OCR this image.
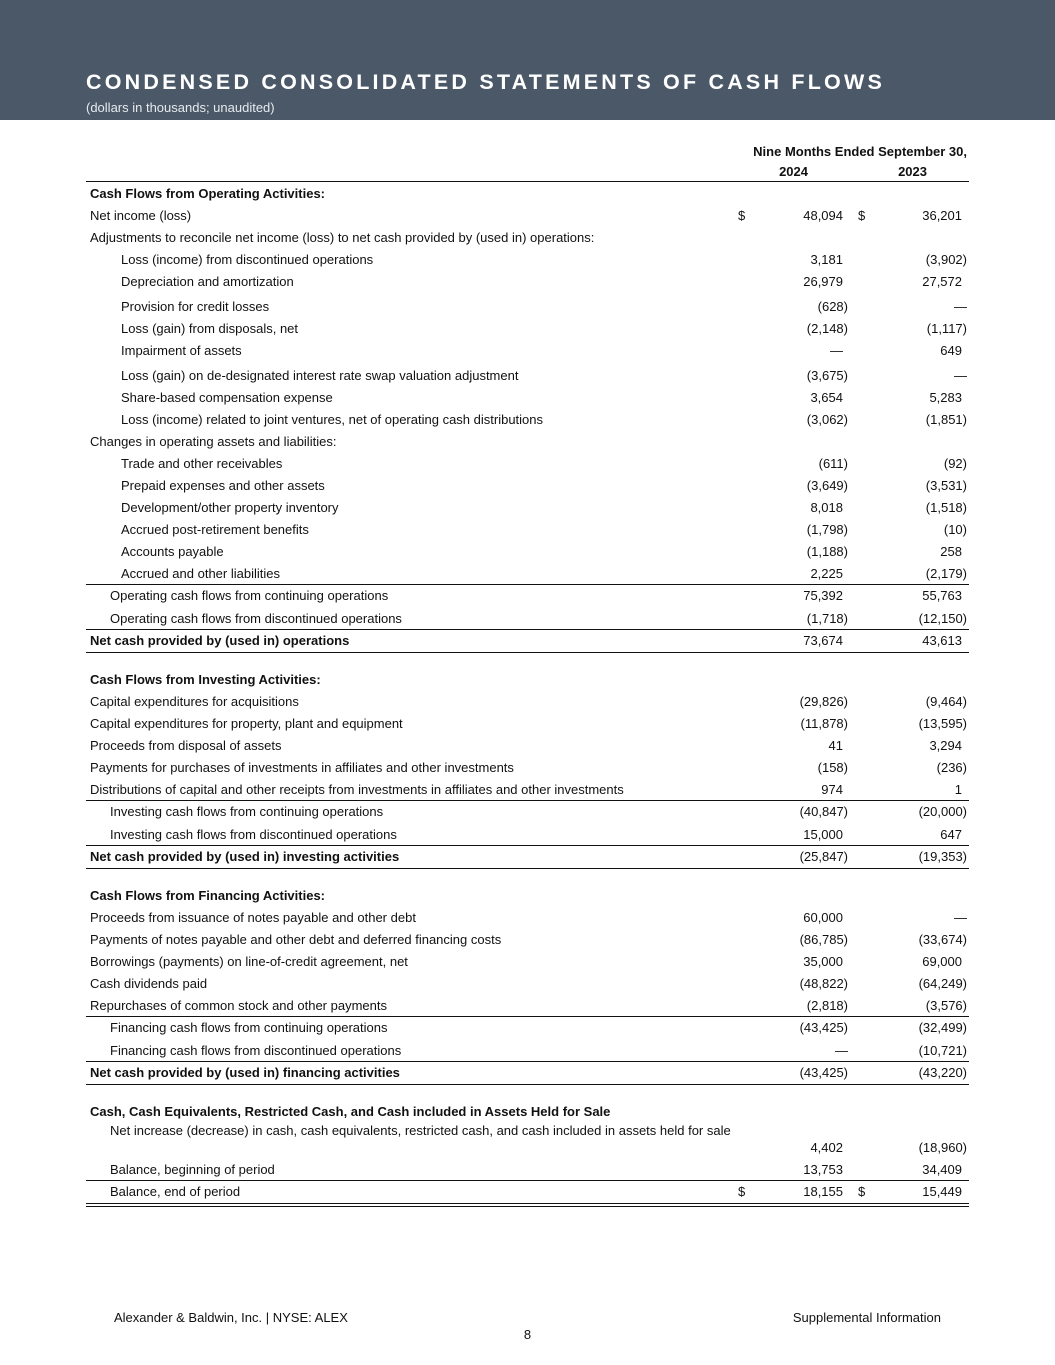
CONDENSED CONSOLIDATED STATEMENTS OF CASH FLOWS
(dollars in thousands; unaudited)
Nine Months Ended September 30,
2024	2023
Cash Flows from Operating Activities:
Net income (loss)	$	48,094 $	36,201
Adjustments to reconcile net income (loss) to net cash provided by (used in) operations:
Loss (income) from discontinued operations	3,181	(3,902)
Depreciation and amortization	26,979	27,572
Provision for credit losses	(628)	—
Loss (gain) from disposals, net	(2,148)	(1,117)
Impairment of assets	—	649
Loss (gain) on de-designated interest rate swap valuation adjustment	(3,675)	—
Share-based compensation expense	3,654	5,283
Loss (income) related to joint ventures, net of operating cash distributions	(3,062)	(1,851)
Changes in operating assets and liabilities:
Trade and other receivables	(611)	(92)
Prepaid expenses and other assets	(3,649)	(3,531)
Development/other property inventory	8,018	(1,518)
Accrued post-retirement benefits	(1,798)	(10)
Accounts payable	(1,188)	258
Accrued and other liabilities	2,225	(2,179)
Operating cash flows from continuing operations	75,392	55,763
Operating cash flows from discontinued operations	(1,718)	(12,150)
Net cash provided by (used in) operations	73,674	43,613
Cash Flows from Investing Activities:
Capital expenditures for acquisitions	(29,826)	(9,464)
Capital expenditures for property, plant and equipment	(11,878)	(13,595)
Proceeds from disposal of assets	41	3,294
Payments for purchases of investments in affiliates and other investments	(158)	(236)
Distributions of capital and other receipts from investments in affiliates and other investments	974	1
Investing cash flows from continuing operations	(40,847)	(20,000)
Investing cash flows from discontinued operations	15,000	647
Net cash provided by (used in) investing activities	(25,847)	(19,353)
Cash Flows from Financing Activities:
Proceeds from issuance of notes payable and other debt	60,000	—
Payments of notes payable and other debt and deferred financing costs	(86,785)	(33,674)
Borrowings (payments) on line-of-credit agreement, net	35,000	69,000
Cash dividends paid	(48,822)	(64,249)
Repurchases of common stock and other payments	(2,818)	(3,576)
Financing cash flows from continuing operations	(43,425)	(32,499)
Financing cash flows from discontinued operations	—	(10,721)
Net cash provided by (used in) financing activities	(43,425)	(43,220)
Cash, Cash Equivalents, Restricted Cash, and Cash included in Assets Held for Sale
Net increase (decrease) in cash, cash equivalents, restricted cash, and cash included in assets held for sale
4,402	(18,960)
Balance, beginning of period	13,753	34,409
Balance, end of period	$	18,155 $	15,449
Alexander & Baldwin, Inc. | NYSE: ALEX	Supplemental Information
8
